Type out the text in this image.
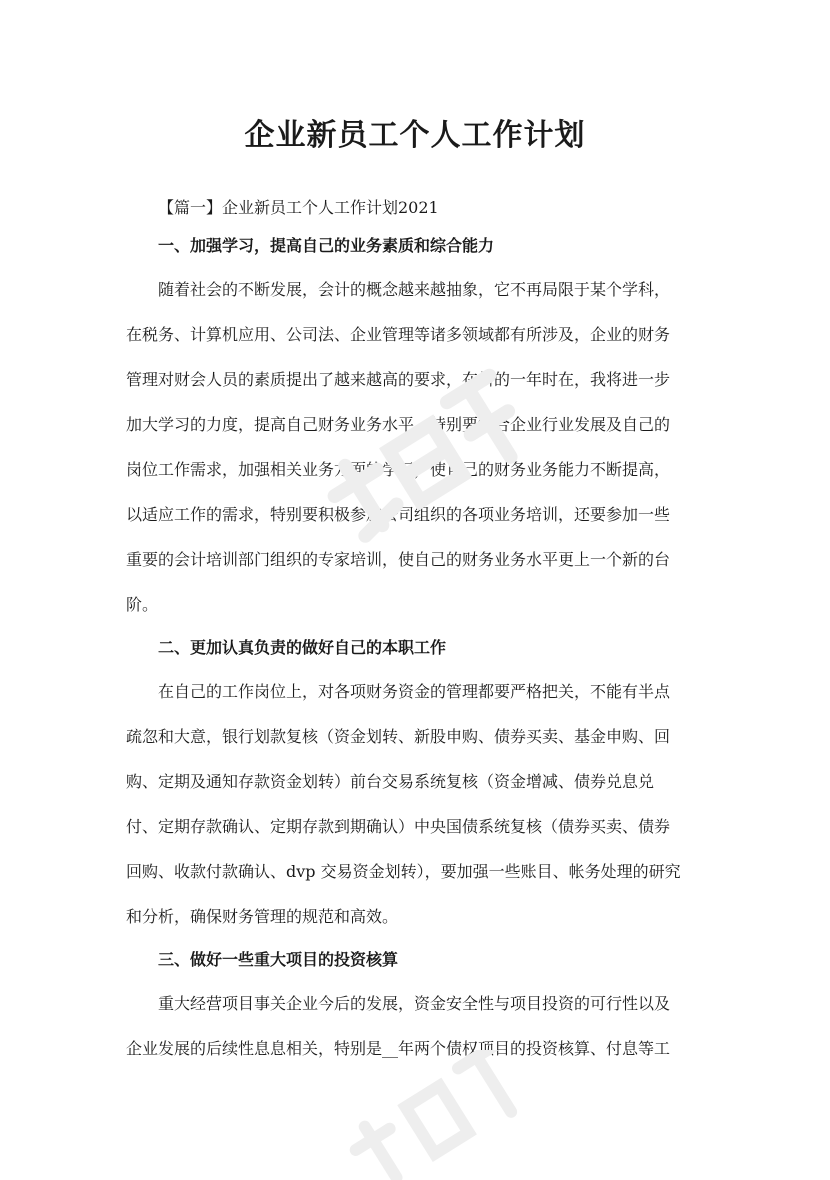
企业新员工个人工作计划
【篇一】企业新员工个人工作计划2021
一、加强学习，提高自己的业务素质和综合能力
随着社会的不断发展，会计的概念越来越抽象，它不再局限于某个学科，
在税务、计算机应用、公司法、企业管理等诸多领域都有所涉及，企业的财务
管理对财会人员的素质提出了越来越高的要求，在新的一年时在，我将进一步
加大学习的力度，提高自己财务业务水平，特别要结合企业行业发展及自己的
岗位工作需求，加强相关业务方面的学习，使自己的财务业务能力不断提高，
以适应工作的需求，特别要积极参加公司组织的各项业务培训，还要参加一些
重要的会计培训部门组织的专家培训，使自己的财务业务水平更上一个新的台
阶。
二、更加认真负责的做好自己的本职工作
在自己的工作岗位上，对各项财务资金的管理都要严格把关，不能有半点
疏忽和大意，银行划款复核（资金划转、新股申购、债券买卖、基金申购、回
购、定期及通知存款资金划转）前台交易系统复核（资金增减、债券兑息兑
付、定期存款确认、定期存款到期确认）中央国债系统复核（债券买卖、债券
回购、收款付款确认、dvp 交易资金划转），要加强一些账目、帐务处理的研究
和分析，确保财务管理的规范和高效。
三、做好一些重大项目的投资核算
重大经营项目事关企业今后的发展，资金安全性与项目投资的可行性以及
企业发展的后续性息息相关，特别是__年两个债权项目的投资核算、付息等工
